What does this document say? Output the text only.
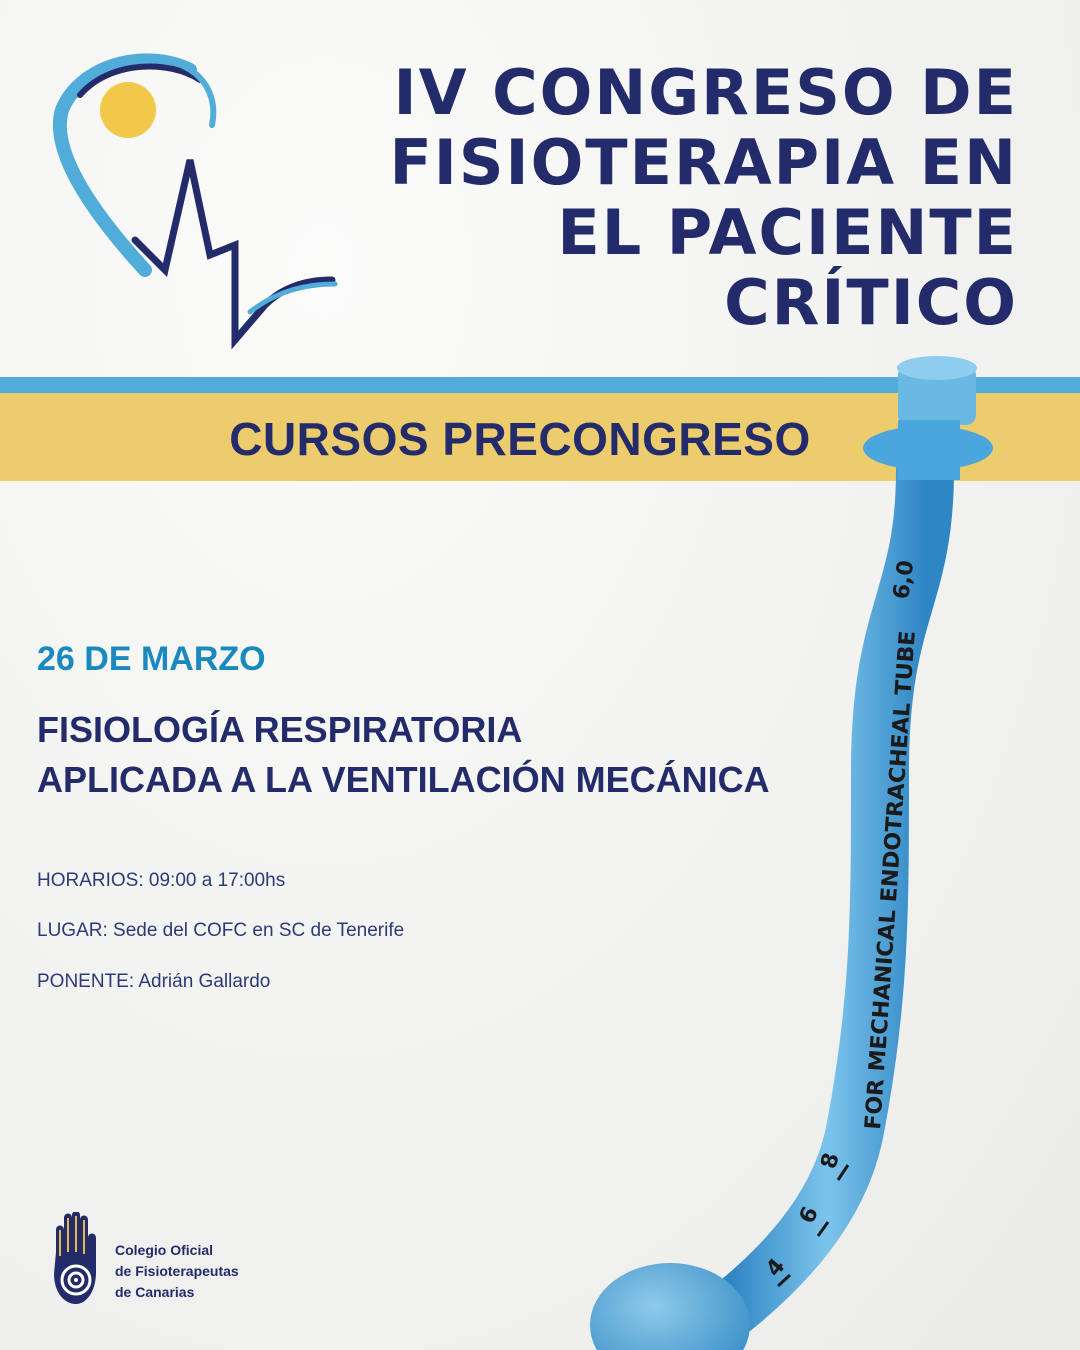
IV CONGRESO DE
FISIOTERAPIA EN
EL PACIENTE
CRÍTICO
CURSOS PRECONGRESO
8
6
4
FOR MECHANICAL ENDOTRACHEAL TUBE
6,0
26 DE MARZO
FISIOLOGÍA RESPIRATORIA
APLICADA A LA VENTILACIÓN MECÁNICA
HORARIOS: 09:00 a 17:00hs
LUGAR: Sede del COFC en SC de Tenerife
PONENTE: Adrián Gallardo
Colegio Oficial
de Fisioterapeutas
de Canarias
